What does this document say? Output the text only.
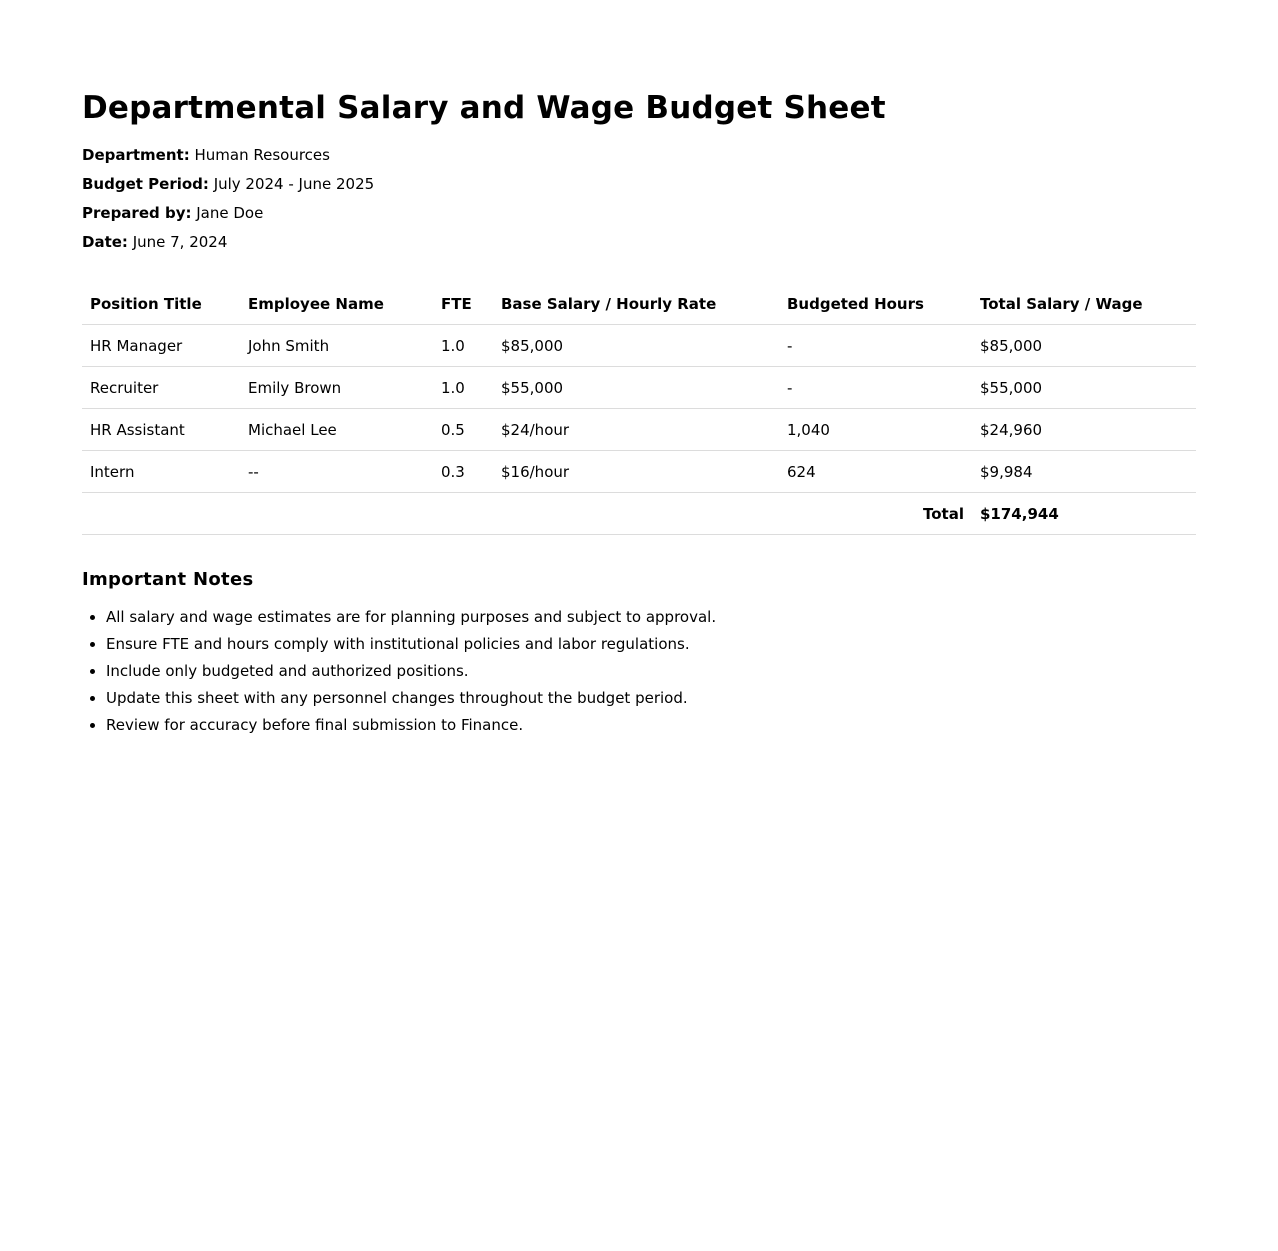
Departmental Salary and Wage Budget Sheet
Department: Human Resources
Budget Period: July 2024 - June 2025
Prepared by: Jane Doe
Date: June 7, 2024
Position Title	Employee Name	FTE	Base Salary / Hourly Rate	Budgeted Hours	Total Salary / Wage
HR Manager	John Smith	1.0	$85,000	-	$85,000
Recruiter	Emily Brown	1.0	$55,000	-	$55,000
HR Assistant	Michael Lee	0.5	$24/hour	1,040	$24,960
Intern	--	0.3	$16/hour	624	$9,984
Total					$174,944
Important Notes
• All salary and wage estimates are for planning purposes and subject to approval.
• Ensure FTE and hours comply with institutional policies and labor regulations.
• Include only budgeted and authorized positions.
• Update this sheet with any personnel changes throughout the budget period.
• Review for accuracy before final submission to Finance.
